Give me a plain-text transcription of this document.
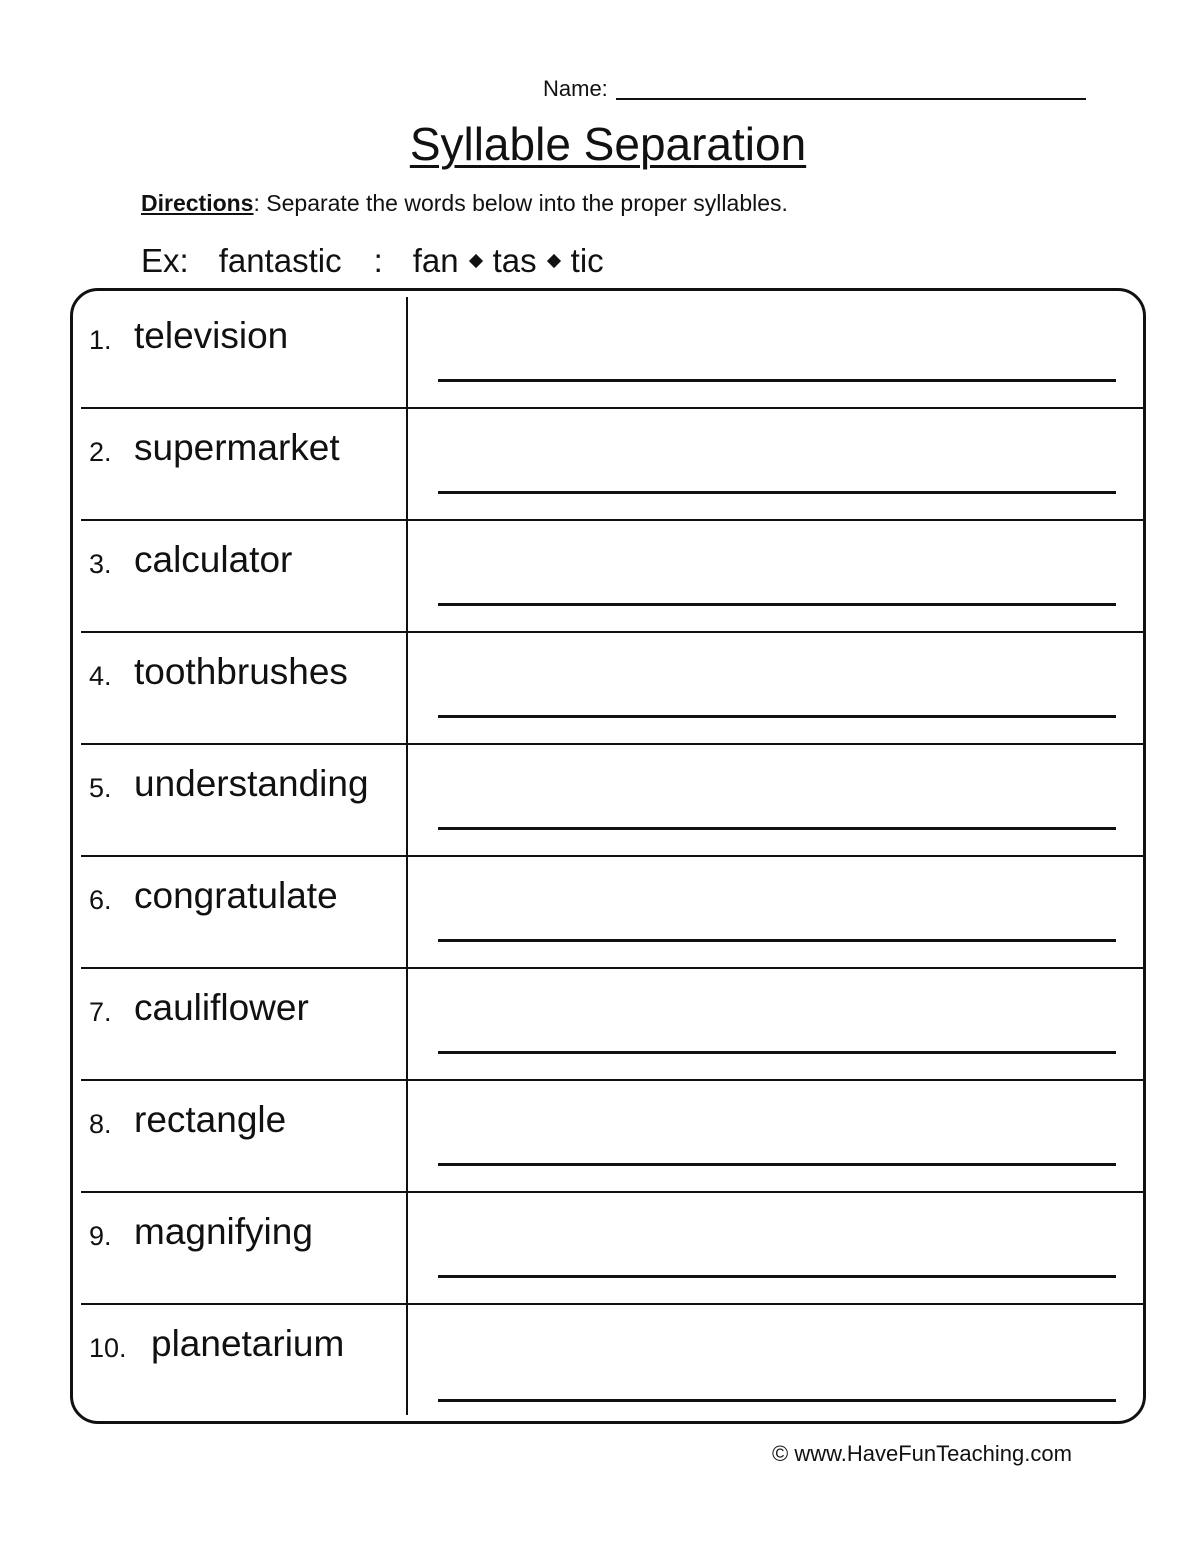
Name:
Syllable Separation
Directions: Separate the words below into the proper syllables.
Ex: fantastic : fan tas tic
1. television
2. supermarket
3. calculator
4. toothbrushes
5. understanding
6. congratulate
7. cauliflower
8. rectangle
9. magnifying
10. planetarium
© www.HaveFunTeaching.com
